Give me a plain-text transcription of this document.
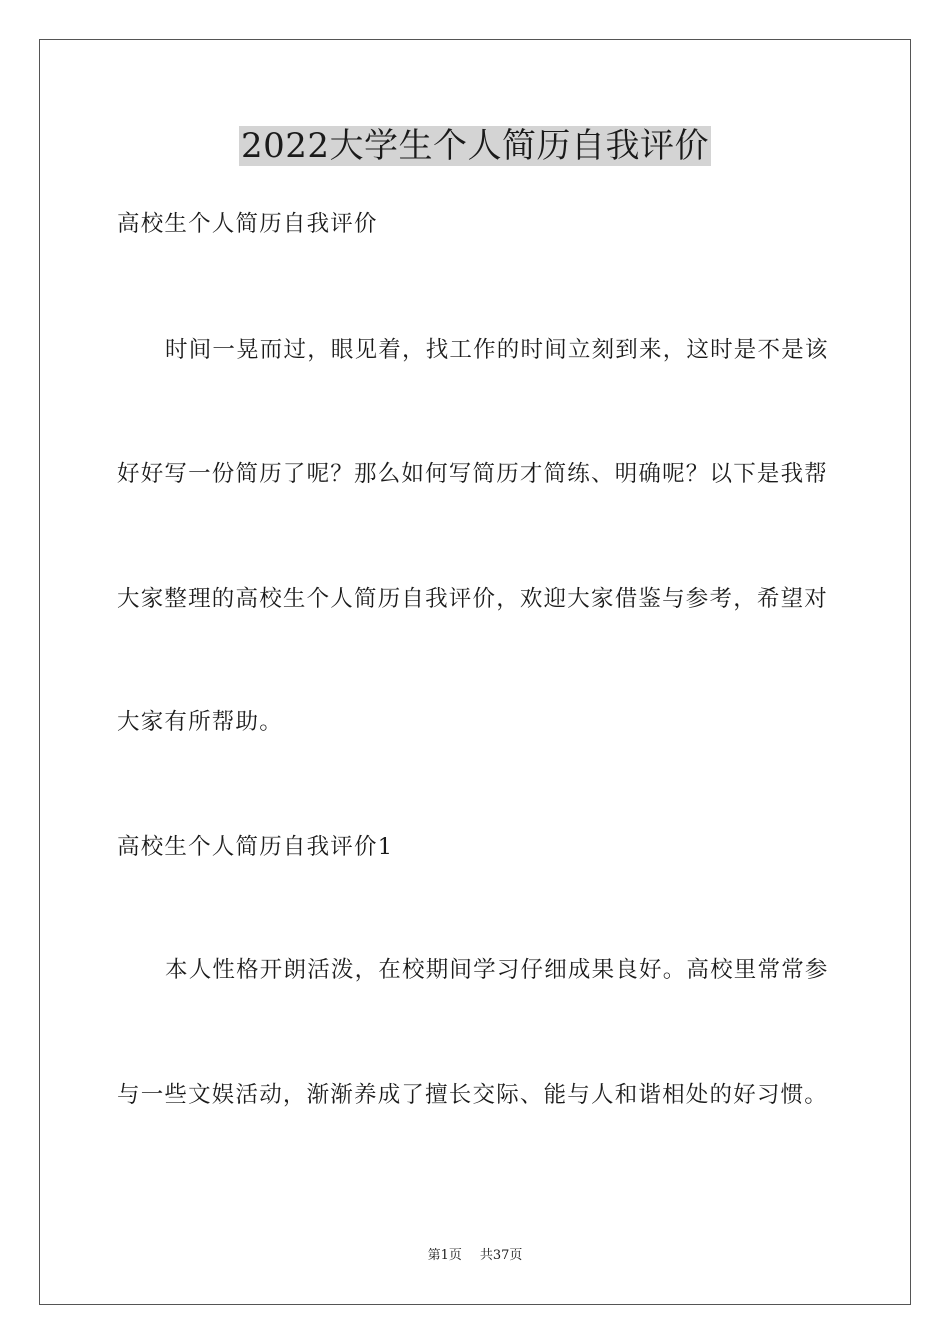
2022大学生个人简历自我评价

高校生个人简历自我评价

时间一晃而过，眼见着，找工作的时间立刻到来，这时是不是该

好好写一份简历了呢？那么如何写简历才简练、明确呢？以下是我帮

大家整理的高校生个人简历自我评价，欢迎大家借鉴与参考，希望对

大家有所帮助。

高校生个人简历自我评价1

本人性格开朗活泼，在校期间学习仔细成果良好。高校里常常参

与一些文娱活动，渐渐养成了擅长交际、能与人和谐相处的好习惯。

第1页 共37页
